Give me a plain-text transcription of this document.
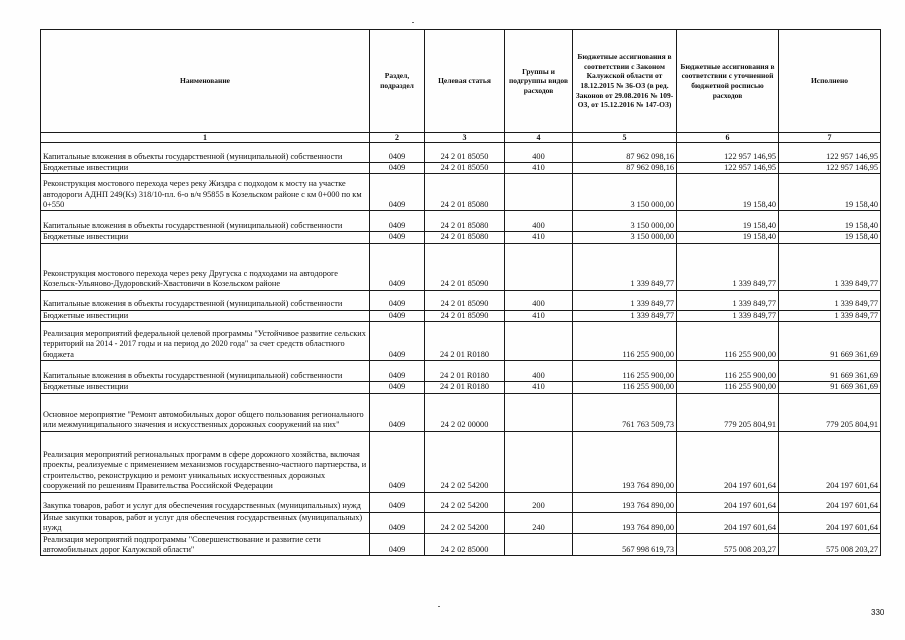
Наименование	Раздел, подраздел	Целевая статья	Группы и подгруппы видов расходов	Бюджетные ассигнования в соответствии с Законом Калужской области от 18.12.2015 № 36-ОЗ (в ред. Законов от 29.08.2016 № 109-ОЗ, от 15.12.2016 № 147-ОЗ)	Бюджетные ассигнования в соответствии с уточненной бюджетной росписью расходов	Исполнено
1	2	3	4	5	6	7
Капитальные вложения в объекты государственной (муниципальной) собственности	0409	24 2 01 85050	400	87 962 098,16	122 957 146,95	122 957 146,95
Бюджетные инвестиции	0409	24 2 01 85050	410	87 962 098,16	122 957 146,95	122 957 146,95
Реконструкция мостового перехода через реку Жиздра с подходом к мосту на участке автодороги АДНП 249(Кз) 318/10-пл. 6-о в/ч 95855 в Козельском районе с км 0+000 по км 0+550	0409	24 2 01 85080		3 150 000,00	19 158,40	19 158,40
Капитальные вложения в объекты государственной (муниципальной) собственности	0409	24 2 01 85080	400	3 150 000,00	19 158,40	19 158,40
Бюджетные инвестиции	0409	24 2 01 85080	410	3 150 000,00	19 158,40	19 158,40
Реконструкция мостового перехода через реку Другуска с подходами на автодороге Козельск-Ульяново-Дудоровский-Хвастовичи в Козельском районе	0409	24 2 01 85090		1 339 849,77	1 339 849,77	1 339 849,77
Капитальные вложения в объекты государственной (муниципальной) собственности	0409	24 2 01 85090	400	1 339 849,77	1 339 849,77	1 339 849,77
Бюджетные инвестиции	0409	24 2 01 85090	410	1 339 849,77	1 339 849,77	1 339 849,77
Реализация мероприятий федеральной целевой программы "Устойчивое развитие сельских территорий на 2014 - 2017 годы и на период до 2020 года" за счет средств областного бюджета	0409	24 2 01 R0180		116 255 900,00	116 255 900,00	91 669 361,69
Капитальные вложения в объекты государственной (муниципальной) собственности	0409	24 2 01 R0180	400	116 255 900,00	116 255 900,00	91 669 361,69
Бюджетные инвестиции	0409	24 2 01 R0180	410	116 255 900,00	116 255 900,00	91 669 361,69
Основное мероприятие "Ремонт автомобильных дорог общего пользования регионального или межмуниципального значения и искусственных дорожных сооружений на них"	0409	24 2 02 00000		761 763 509,73	779 205 804,91	779 205 804,91
Реализация мероприятий региональных программ в сфере дорожного хозяйства, включая проекты, реализуемые с применением механизмов государственно-частного партнерства, и строительство, реконструкцию и ремонт уникальных искусственных дорожных сооружений по решениям Правительства Российской Федерации	0409	24 2 02 54200		193 764 890,00	204 197 601,64	204 197 601,64
Закупка товаров, работ и услуг для обеспечения государственных (муниципальных) нужд	0409	24 2 02 54200	200	193 764 890,00	204 197 601,64	204 197 601,64
Иные закупки товаров, работ и услуг для обеспечения государственных (муниципальных) нужд	0409	24 2 02 54200	240	193 764 890,00	204 197 601,64	204 197 601,64
Реализация мероприятий подпрограммы "Совершенствование и развитие сети автомобильных дорог Калужской области"	0409	24 2 02 85000		567 998 619,73	575 008 203,27	575 008 203,27
330
